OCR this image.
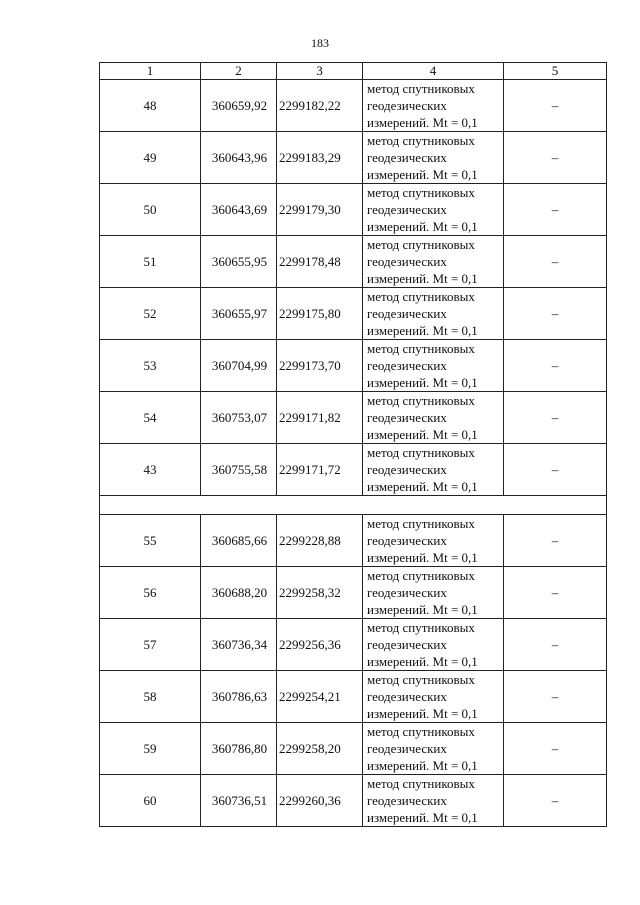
183
1	2	3	4	5
48	360659,92	2299182,22	метод спутниковых
геодезических
измерений. Mt = 0,1	–
49	360643,96	2299183,29	метод спутниковых
геодезических
измерений. Mt = 0,1	–
50	360643,69	2299179,30	метод спутниковых
геодезических
измерений. Mt = 0,1	–
51	360655,95	2299178,48	метод спутниковых
геодезических
измерений. Mt = 0,1	–
52	360655,97	2299175,80	метод спутниковых
геодезических
измерений. Mt = 0,1	–
53	360704,99	2299173,70	метод спутниковых
геодезических
измерений. Mt = 0,1	–
54	360753,07	2299171,82	метод спутниковых
геодезических
измерений. Mt = 0,1	–
43	360755,58	2299171,72	метод спутниковых
геодезических
измерений. Mt = 0,1	–

55	360685,66	2299228,88	метод спутниковых
геодезических
измерений. Mt = 0,1	–
56	360688,20	2299258,32	метод спутниковых
геодезических
измерений. Mt = 0,1	–
57	360736,34	2299256,36	метод спутниковых
геодезических
измерений. Mt = 0,1	–
58	360786,63	2299254,21	метод спутниковых
геодезических
измерений. Mt = 0,1	–
59	360786,80	2299258,20	метод спутниковых
геодезических
измерений. Mt = 0,1	–
60	360736,51	2299260,36	метод спутниковых
геодезических
измерений. Mt = 0,1	–
